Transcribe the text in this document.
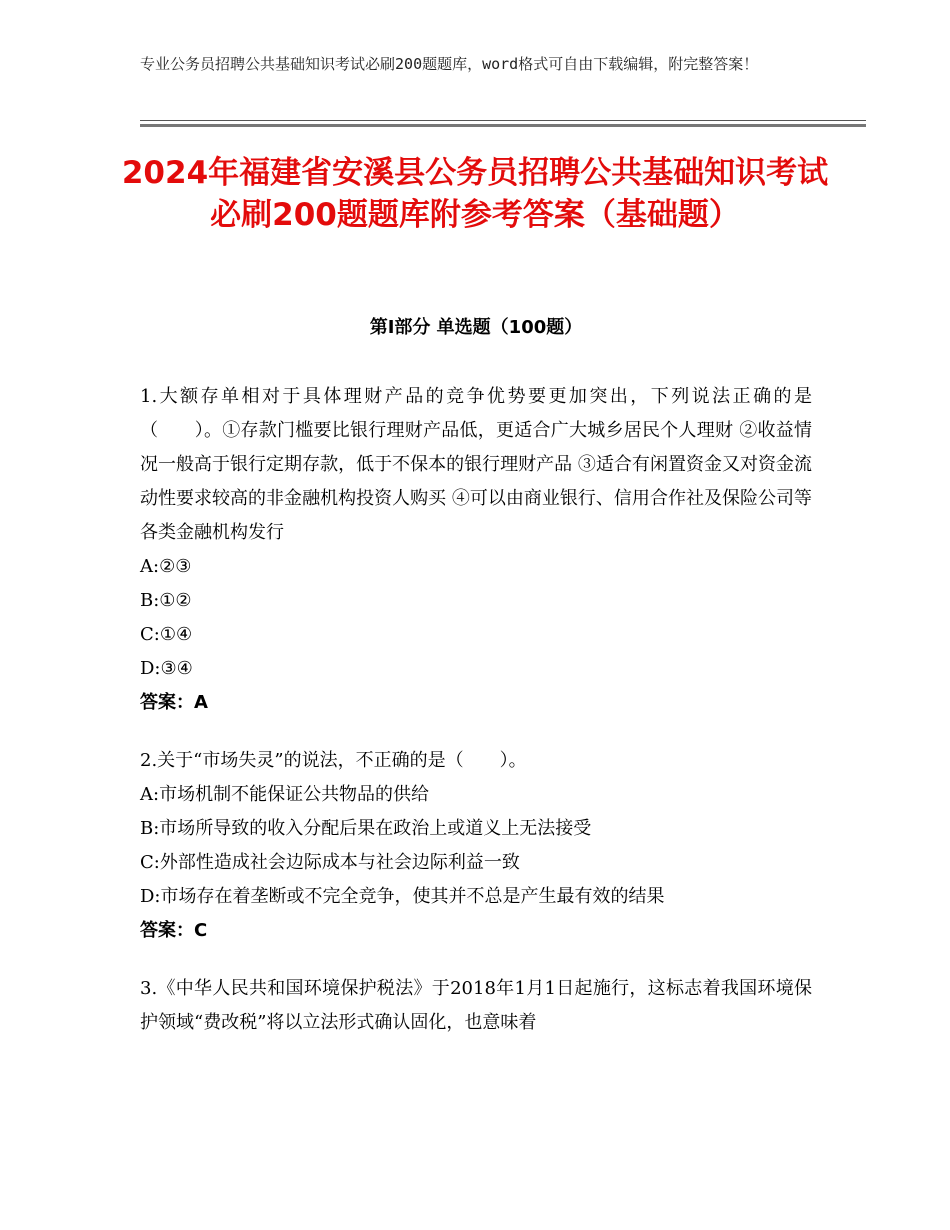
专业公务员招聘公共基础知识考试必刷200题题库，word格式可自由下载编辑，附完整答案！
2024年福建省安溪县公务员招聘公共基础知识考试必刷200题题库附参考答案（基础题）
第Ⅰ部分 单选题（100题）

1.大额存单相对于具体理财产品的竞争优势要更加突出，下列说法正确的是（　　）。①存款门槛要比银行理财产品低，更适合广大城乡居民个人理财 ②收益情况一般高于银行定期存款，低于不保本的银行理财产品 ③适合有闲置资金又对资金流动性要求较高的非金融机构投资人购买 ④可以由商业银行、信用合作社及保险公司等各类金融机构发行

A:②③

B:①②

C:①④

D:③④

答案：A

2.关于“市场失灵”的说法，不正确的是（　　）。

A:市场机制不能保证公共物品的供给

B:市场所导致的收入分配后果在政治上或道义上无法接受

C:外部性造成社会边际成本与社会边际利益一致

D:市场存在着垄断或不完全竞争，使其并不总是产生最有效的结果

答案：C

3.《中华人民共和国环境保护税法》于2018年1月1日起施行，这标志着我国环境保护领域“费改税”将以立法形式确认固化，也意味着
